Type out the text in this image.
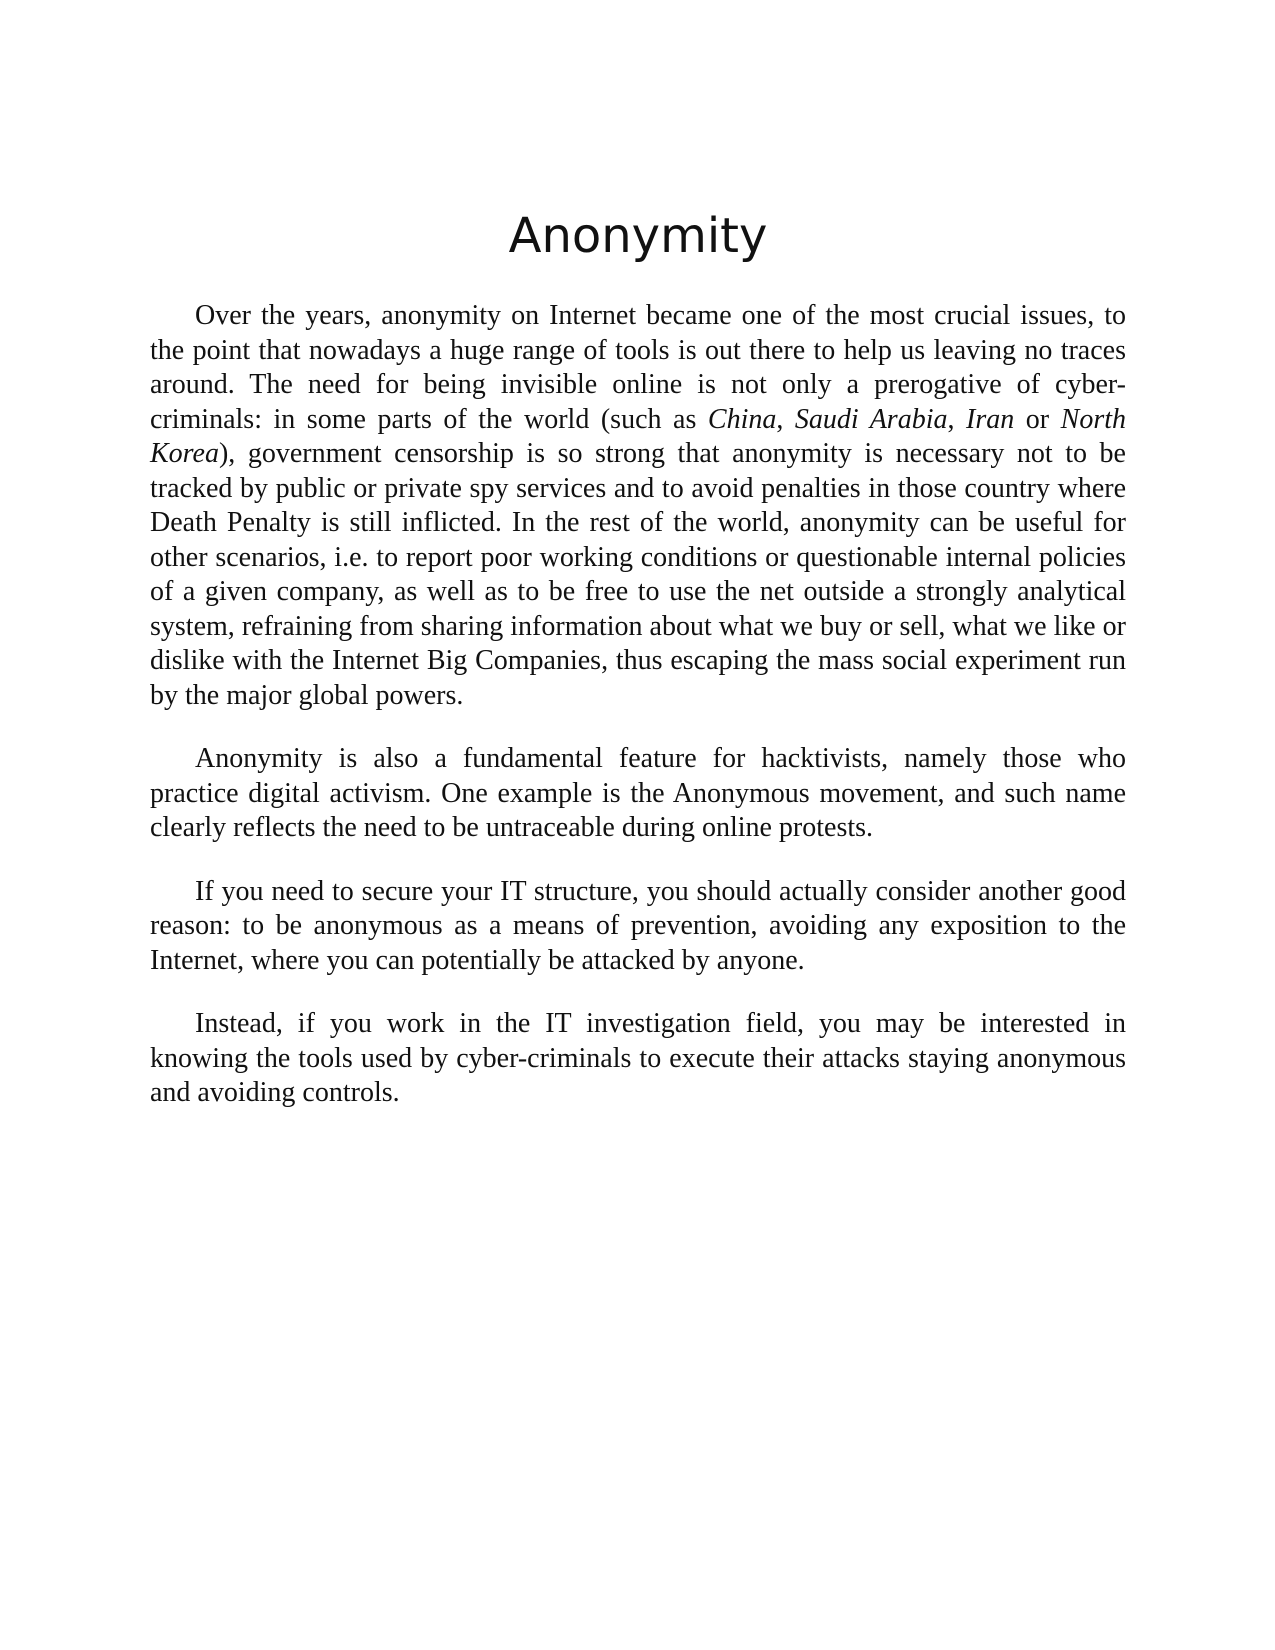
Anonymity

Over the years, anonymity on Internet became one of the most crucial issues, to the point that nowadays a huge range of tools is out there to help us leaving no traces around. The need for being invisible online is not only a prerogative of cyber-criminals: in some parts of the world (such as China, Saudi Arabia, Iran or North Korea), government censorship is so strong that anonymity is necessary not to be tracked by public or private spy services and to avoid penalties in those country where Death Penalty is still inflicted. In the rest of the world, anonymity can be useful for other scenarios, i.e. to report poor working conditions or questionable internal policies of a given company, as well as to be free to use the net outside a strongly analytical system, refraining from sharing information about what we buy or sell, what we like or dislike with the Internet Big Companies, thus escaping the mass social experiment run by the major global powers.

Anonymity is also a fundamental feature for hacktivists, namely those who practice digital activism. One example is the Anonymous movement, and such name clearly reflects the need to be untraceable during online protests.

If you need to secure your IT structure, you should actually consider another good reason: to be anonymous as a means of prevention, avoiding any exposition to the Internet, where you can potentially be attacked by anyone.

Instead, if you work in the IT investigation field, you may be interested in knowing the tools used by cyber-criminals to execute their attacks staying anonymous and avoiding controls.
